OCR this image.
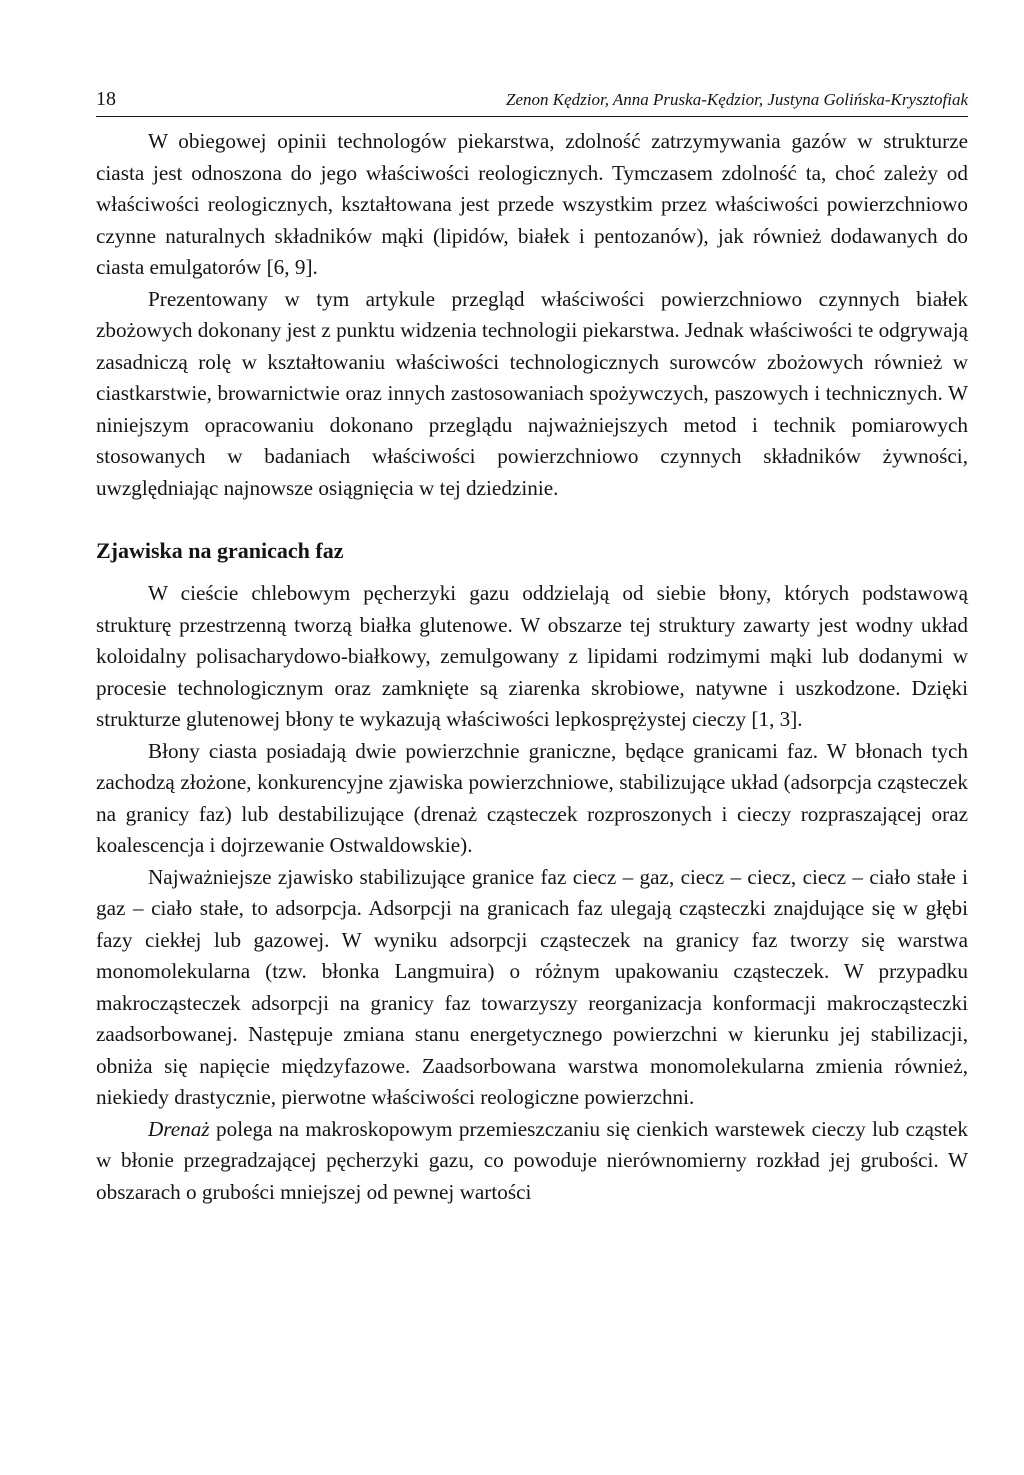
18	Zenon Kędzior, Anna Pruska-Kędzior, Justyna Golińska-Krysztofiak

W obiegowej opinii technologów piekarstwa, zdolność zatrzymywania gazów w strukturze ciasta jest odnoszona do jego właściwości reologicznych. Tymczasem zdolność ta, choć zależy od właściwości reologicznych, kształtowana jest przede wszystkim przez właściwości powierzchniowo czynne naturalnych składników mąki (lipidów, białek i pentozanów), jak również dodawanych do ciasta emulgatorów [6, 9].

Prezentowany w tym artykule przegląd właściwości powierzchniowo czynnych białek zbożowych dokonany jest z punktu widzenia technologii piekarstwa. Jednak właściwości te odgrywają zasadniczą rolę w kształtowaniu właściwości technologicznych surowców zbożowych również w ciastkarstwie, browarnictwie oraz innych zastosowaniach spożywczych, paszowych i technicznych. W niniejszym opracowaniu dokonano przeglądu najważniejszych metod i technik pomiarowych stosowanych w badaniach właściwości powierzchniowo czynnych składników żywności, uwzględniając najnowsze osiągnięcia w tej dziedzinie.

Zjawiska na granicach faz

W cieście chlebowym pęcherzyki gazu oddzielają od siebie błony, których podstawową strukturę przestrzenną tworzą białka glutenowe. W obszarze tej struktury zawarty jest wodny układ koloidalny polisacharydowo-białkowy, zemulgowany z lipidami rodzimymi mąki lub dodanymi w procesie technologicznym oraz zamknięte są ziarenka skrobiowe, natywne i uszkodzone. Dzięki strukturze glutenowej błony te wykazują właściwości lepkosprężystej cieczy [1, 3].

Błony ciasta posiadają dwie powierzchnie graniczne, będące granicami faz. W błonach tych zachodzą złożone, konkurencyjne zjawiska powierzchniowe, stabilizujące układ (adsorpcja cząsteczek na granicy faz) lub destabilizujące (drenaż cząsteczek rozproszonych i cieczy rozpraszającej oraz koalescencja i dojrzewanie Ostwaldowskie).

Najważniejsze zjawisko stabilizujące granice faz ciecz – gaz, ciecz – ciecz, ciecz – ciało stałe i gaz – ciało stałe, to adsorpcja. Adsorpcji na granicach faz ulegają cząsteczki znajdujące się w głębi fazy ciekłej lub gazowej. W wyniku adsorpcji cząsteczek na granicy faz tworzy się warstwa monomolekularna (tzw. błonka Langmuira) o różnym upakowaniu cząsteczek. W przypadku makrocząsteczek adsorpcji na granicy faz towarzyszy reorganizacja konformacji makrocząsteczki zaadsorbowanej. Następuje zmiana stanu energetycznego powierzchni w kierunku jej stabilizacji, obniża się napięcie międzyfazowe. Zaadsorbowana warstwa monomolekularna zmienia również, niekiedy drastycznie, pierwotne właściwości reologiczne powierzchni.

Drenaż polega na makroskopowym przemieszczaniu się cienkich warstewek cieczy lub cząstek w błonie przegradzającej pęcherzyki gazu, co powoduje nierównomierny rozkład jej grubości. W obszarach o grubości mniejszej od pewnej wartości
